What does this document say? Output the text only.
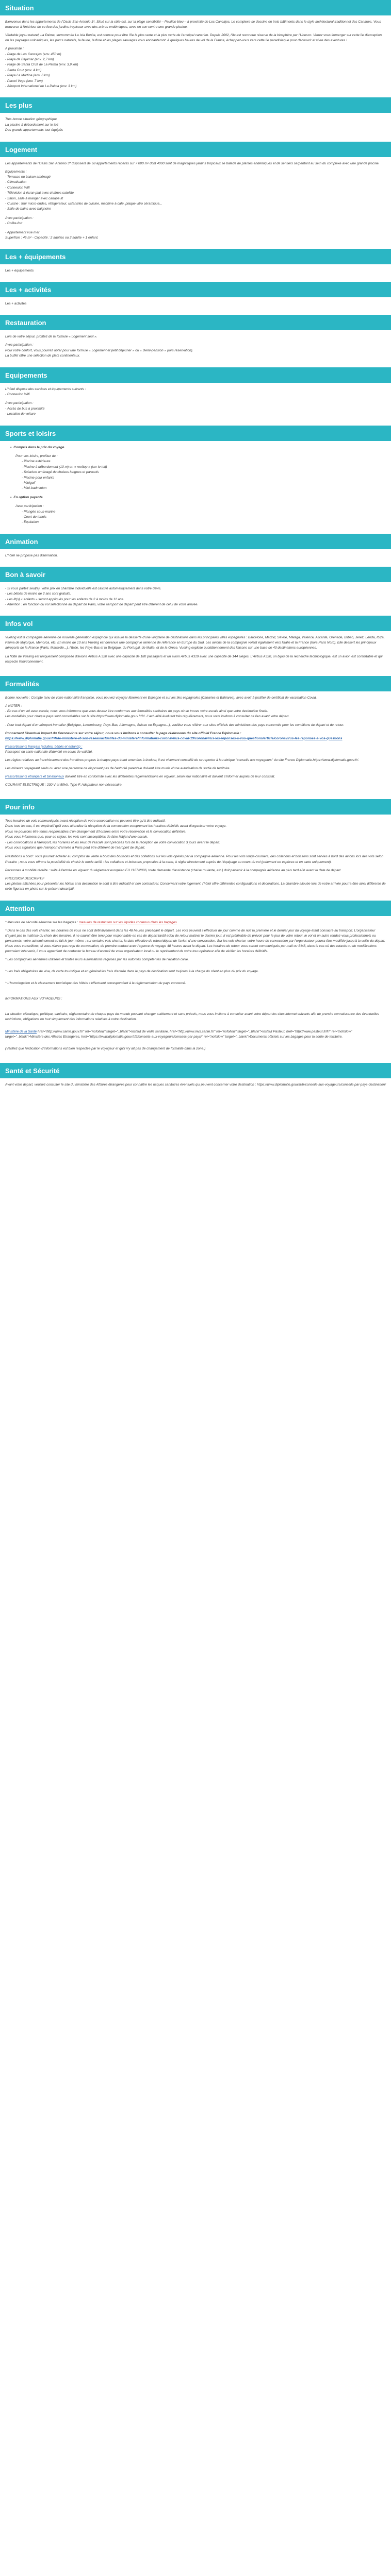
Situation

Bienvenue dans les appartements de l'Oasis San Antonio 3*. Situé sur la côte est, sur la plage sensibilité – Pavillon bleu – à proximité de Los Cancajos. Le complexe se dessine en trois bâtiments dans le style architectural traditionnel des Canaries. Vous trouverez à l'intérieur de ce lieu des jardins tropicaux avec des arbres endémiques, avec en son centre une grande piscine.

Véritable joyau naturel, La Palma, surnommée La Isla Bonita, est connue pour être l'île la plus verte et la plus verte de l'archipel canarien. Depuis 2002, l'île est reconnue réserve de la biosphère par l'Unesco. Venez vous immerger sur cette île d'exception où les paysages volcaniques, les parcs naturels, la faune, la flore et les plages sauvages vous enchanteront. A quelques heures de vol de la France, échappez-vous vers cette île paradisiaque pour découvrir et vivre des aventures !

A proximité :
- Plage de Los Cancajos (env. 450 m)
- Playa de Bajamar (env. 2,7 km)
- Plage de Santa Cruz de La Palma (env. 3,9 km)
- Santa Cruz (env. 4 km)
- Playa La Martina (env. 6 km)
- Parcel Vega (env. 7 km)
- Aéroport International de La Palma (env. 3 km)
Les plus
Très bonne situation géographique
La piscine à débordement sur le toit
Des grands appartements tout équipés
Logement

Les appartements de l'Oasis San Antonio 3* disposent de 68 appartements répartis sur 7 000 m² dont 4000 sont de magnifiques jardins tropicaux se balade de plantes endémiques et de sentiers serpentant au sein du complexe avec une grande piscine.

Equipements :
- Terrasse ou balcon aménagé
- Climatisation
- Connexion Wifi
- Télévision à écran plat avec chaînes satellite
- Salon, salle à manger avec canapé lit
- Cuisine : four micro-ondes, réfrigérateur, ustensiles de cuisine, machine à café, plaque vitro céramique...
- Salle de bains avec baignoire
Avec participation :
- Coffre-fort
- Appartement vue mer
Superficie : 45 m² - Capacité : 2 adultes ou 2 adulte + 1 enfant.
Les + équipements
Les + équipements
Les + activités
Les + activités
Restauration

Lors de votre séjour, profitez de la formule « Logement seul ».

Avec participation :
Pour votre confort, vous pourrez opter pour une formule « Logement et petit déjeuner » ou « Demi-pension » (lors réservation).
La buffet offre une sélection de plats continentaux.
Equipements
L'hôtel dispose des services et équipements suivants :
- Connexion Wifi
Avec participation :
- Accès de bus à proximité
- Location de voiture
Sports et loisirs
• Compris dans le prix du voyage
Pour vos loisirs, profitez de :
- Piscine extérieure
- Piscine à débordement (10 m) en « rooftop » (sur le toit)
- Solarium aménagé de chaises longues et parasols
- Piscine pour enfants
- Minigolf
- Mini-badminton
• En option payante
Avec participation :
- Plongée sous-marine
- Court de tennis
- Equitation
Animation
L'hôtel ne propose pas d'animation.
Bon à savoir
- Si vous partez seul(e), votre prix en chambre individuelle est calculé automatiquement dans votre devis.
- Les bébés de moins de 2 ans sont gratuits.
- Les lit(s) « enfants » seront appliqués pour les enfants de 2 à moins de 11 ans.
- Attention : en fonction du vol sélectionné au départ de Paris, votre aéroport de départ peut être différent de celui de votre arrivée.
Infos vol

Vueling est la compagnie aérienne de nouvelle génération espagnole qui assure la desserte d'une vingtaine de destinations dans les principales villes espagnoles : Barcelone, Madrid, Séville, Málaga, Valence, Alicante, Grenade, Bilbao, Jerez, Lérida, Ibiza, Palma de Majorque, Menorca, etc. En moins de 10 ans Vueling est devenue une compagnie aérienne de référence en Europe du Sud. Les avions de la compagnie volent également vers l'Italie et la France (hors Paris Nord). Elle dessert les principaux aéroports de la France (Paris, Marseille...), l'Italie, les Pays-Bas et la Belgique, du Portugal, de Malte, et de la Grèce. Vueling exploite quotidiennement des liaisons sur une base de 40 destinations européennes.

La flotte de Vueling est uniquement composée d'avions Airbus A 320 avec une capacité de 180 passagers et un avion Airbus A319 avec une capacité de 144 sièges. L'Airbus A320, un bijou de la recherche technologique, est un avion est confortable et qui respecte l'environnement.

Formalités

Bonne nouvelle : Compte tenu de votre nationalité française, vous pouvez voyager librement en Espagne et sur les îles espagnoles (Canaries et Baléares), avec avoir à justifier de certificat de vaccination Covid.

A NOTER :
- En cas d'un vol avec escale, nous vous informons que vous devrez être conformes aux formalités sanitaires du pays où se trouve votre escale ainsi que votre destination finale.

Les modalités pour chaque pays sont consultables sur le site https://www.diplomatie.gouv.fr/fr/. L'actualité évoluant très régulièrement, nous vous invitons à consulter ce lien avant votre départ.

- Pour tout départ d'un aéroport frontalier (Belgique, Luxembourg, Pays-Bas, Allemagne, Suisse ou Espagne...), veuillez vous référer aux sites officiels des ministères des pays concernés pour les conditions de départ et de retour.

Concernant l'éventuel impact du Coronavirus sur votre séjour, nous vous invitons à consulter la page ci-dessous du site officiel France Diplomatie :
https://www.diplomatie.gouv.fr/fr/le-ministere-et-son-reseau/actualites-du-ministere/informations-coronavirus-covid-19/coronavirus-les-reponses-a-vos-questions/article/coronavirus-les-reponses-a-vos-questions

Ressortissants français (adultes, bébés et enfants) :
Passeport ou carte nationale d'identité en cours de validité.

Les règles relatives au franchissement des frontières propres à chaque pays étant amenées à évoluer, il est vivement conseillé de se reporter à la rubrique "conseils aux voyageurs" du site France Diplomatie.https://www.diplomatie.gouv.fr/.

Les mineurs voyageant seuls ou avec une personne ne disposant pas de l'autorité parentale doivent être munis d'une autorisation de sortie de territoire.

Ressortissants étrangers et binationaux doivent être en conformité avec les différentes réglementations en vigueur, selon leur nationalité et doivent s'informer auprès de leur consulat.

COURANT ELECTRIQUE : 230 V et 50Hz. Type F. Adaptateur non nécessaire.

Pour info
Tous horaires de vols communiqués avant réception de votre convocation ne peuvent être qu'à titre indicatif.
Dans tous les cas, il est impératif qu'il vous attendiez la réception de la convocation comprenant les horaires définitifs avant d'organiser votre voyage.
Nous ne pourrons être tenus responsables d'un changement d'horaires entre votre réservation et la convocation définitive.
Nous vous informons que, pour ce séjour, les vols sont susceptibles de faire l'objet d'une escale.
- Les convocations à l'aéroport, les horaires et les lieux de l'escale sont précisés lors de la réception de votre convocation 3 jours avant le départ.
Nous vous signalons que l'aéroport d'arrivée à Paris peut être différent de l'aéroport de départ.

Prestations à bord : vous pourrez acheter au comptoir de vente à bord des boissons et des collations sur les vols opérés par la compagnie aérienne. Pour les vols longs-courriers, des collations et boissons sont servies à bord des avions lors des vols selon l'horaire ; nous vous offrons la possibilité de choisir le mode tarifé : les collations et boissons proposées à la carte, à régler directement auprès de l'équipage au cours du vol (paiement en espèces et en carte uniquement).

Personnes à mobilité réduite : suite à l'entrée en vigueur du règlement européen EU 1107/2006, toute demande d'assistance (chaise roulante, etc.) doit parvenir à la compagnie aérienne au plus tard 48h avant la date de départ.

PRECISION DESCRIPTIF
Les photos affichées pour présenter les hôtels et la destination le sont à titre indicatif et non contractuel. Concernant votre logement, l'hôtel offre différentes configurations et décorations. La chambre allouée lors de votre arrivée pourra être ainsi différente de celle figurant en photo sur le présent descriptif.
Attention

* Mesures de sécurité aérienne sur les bagages : mesures de restriction sur les liquides contenus dans les bagages

* Dans le cas des vols charter, les horaires de vous ne sont définitivement dans les 48 heures précédant le départ. Les vols peuvent s'effectuer de jour comme de nuit la première et le dernier jour du voyage étant consacré au transport. L'organisateur n'ayant pas la maîtrise du choix des horaires, il ne saurait être tenu pour responsable en cas de départ tardif et/ou de retour matinal le dernier jour. Il est préférable de prévoir pour le jour de votre retour, le vol et un autre rendez-vous professionnels ou personnels, votre acheminement se fait le jour même ; sur certains vols charter, la date effective de retour/départ de l'avion d'une convocation. Sur les vols charter, votre heure de convocation par l'organisateur pourra être modifiée jusqu'à la veille du départ. Nous vous conseillons, si vous n'avez pas reçu de convocation, de prendre contact avec l'agence de voyage 48 heures avant le départ. Les horaires de retour vous seront communiqués par mail ou SMS, dans le cas où des retards ou de modifications pourraient intervenir, il vous appartient de contacter le bureau d'accueil de votre organisateur local ou le représentant de votre tour-opérateur afin de vérifier les horaires définitifs.

* Les compagnies aériennes utilisées et toutes leurs autorisations requises par les autorités compétentes de l'aviation civile.

* Les frais obligatoires de visa, de carte touristique et en général les frais d'entrée dans le pays de destination sont toujours à la charge du client en plus du prix du voyage.

* L'homologation et le classement touristique des hôtels s'effectuent correspondant à la réglementation du pays concerné.

INFORMATIONS AUX VOYAGEURS :

La situation climatique, politique, sanitaire, réglementaire de chaque pays du monde pouvant changer subitement et sans préavis, nous vous invitons à consulter avant votre départ les sites internet suivants afin de prendre connaissance des éventuelles restrictions, obligations ou tout simplement des informations relatives à votre destination.

Ministère de la Santé href="http://www.sante.gouv.fr/" rel="nofollow" target="_blank">Institut de veille sanitaire, href="http://www.invs.sante.fr/" rel="nofollow" target="_blank">Institut Pasteur, href="http://www.pasteur.fr/fr/" rel="nofollow" target="_blank">Ministère des Affaires Etrangères, href="https://www.diplomatie.gouv.fr/fr/conseils-aux-voyageurs/conseils-par-pays/" rel="nofollow" target="_blank">Documents officiels sur les bagages pour la sortie de territoire.

(Vérifiez que l'indication d'informations est bien respectée par le voyageur et qu'il n'y ait pas de changement de formalité dans la zone.)

Santé et Sécurité

Avant votre départ, veuillez consulter le site du ministère des Affaires étrangères pour connaître les risques sanitaires éventuels qui peuvent concerner votre destination : https://www.diplomatie.gouv.fr/fr/conseils-aux-voyageurs/conseils-par-pays-destination/
